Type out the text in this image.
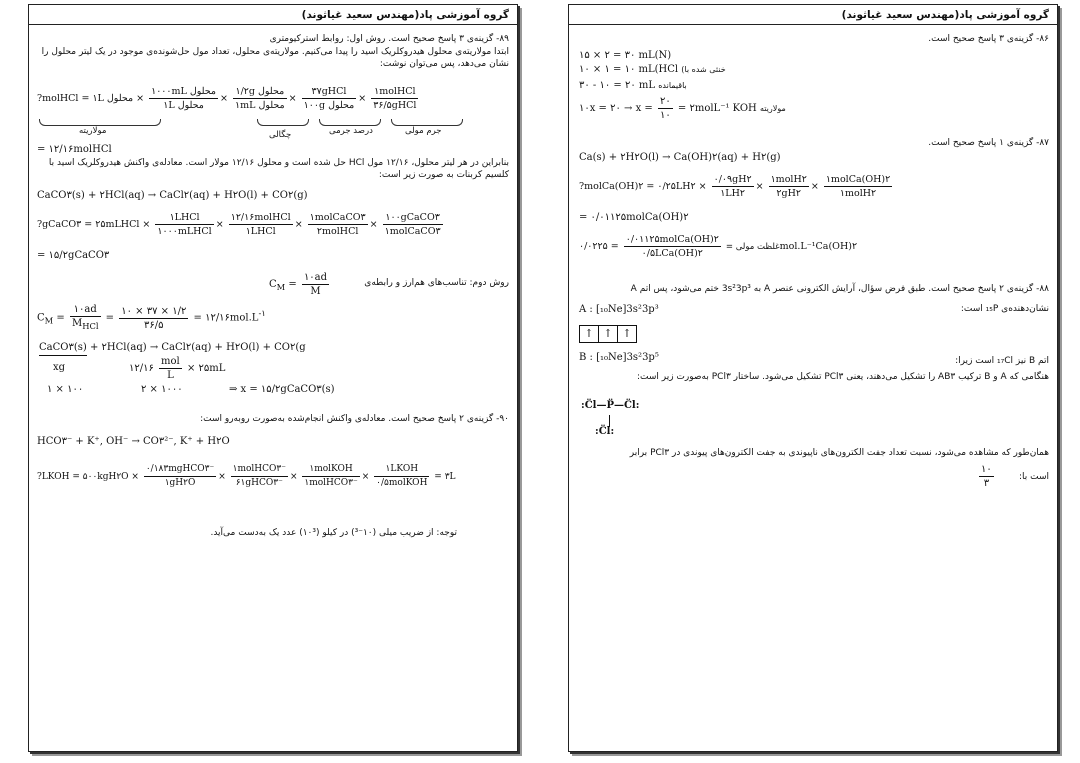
گروه آموزشی پاد(مهندس سعید غیاثوند)
۸۹- گزینه‌ی ۳ پاسخ صحیح است. روش اول: روابط استرکیومتری
ابتدا مولاریته‌ی محلول هیدروکلریک اسید را پیدا می‌کنیم. مولاریته‌ی محلول، تعداد مول حل‌شونده‌ی موجود در یک لیتر محلول را نشان می‌دهد، پس می‌توان نوشت:
?molHCl = ۱L محلول × $\frac{\text{۱۰۰۰mL محلول}}{\text{۱L محلول}} \times \frac{\text{۱/۲g محلول}}{\text{۱mL محلول}} \times \frac{\text{۳۷gHCl}}{\text{۱۰۰g محلول}} \times \frac{\text{۱molHCl}}{\text{۳۶/۵gHCl}}$
مولاریته	چگالی	درصد جرمی	جرم مولی
= ۱۲/۱۶molHCl
بنابراین در هر لیتر محلول، ۱۲/۱۶ مول HCl حل شده است و محلول ۱۲/۱۶ مولار است. معادله‌ی واکنش هیدروکلریک اسید با کلسیم کربنات به صورت زیر است:
CaCO۳(s) + ۲HCl(aq) → CaCl۲(aq) + H۲O(l) + CO۲(g)
?gCaCO۳ = ۲۵mLHCl × $\frac{\text{۱LHCl}}{\text{۱۰۰۰mLHCl}} \times \frac{\text{۱۲/۱۶molHCl}}{\text{۱LHCl}} \times \frac{\text{۱molCaCO۳}}{\text{۲molHCl}} \times \frac{\text{۱۰۰gCaCO۳}}{\text{۱molCaCO۳}}$
= ۱۵/۲gCaCO۳
روش دوم: تناسب‌های هم‌ارز و رابطه‌ی
$C_M = \frac{۱۰ad}{M}$
$C_M = \frac{۱۰ad}{M_{HCl}} = \frac{۱۰ \times ۳۷ \times ۱/۲}{۳۶/۵}$ = $۱۲/۱۶mol.L^{-۱}$
CaCO۳(s) + ۲HCl(aq) → CaCl۲(aq) + H۲O(l) + CO۲(g
xg	۱۲/۱۶ $\frac{\text{mol}}{L}$ × ۲۵mL
۱ × ۱۰۰	۲ × ۱۰۰۰	⇒ x = ۱۵/۲gCaCO۳(s)
۹۰- گزینه‌ی ۲ پاسخ صحیح است. معادله‌ی واکنش انجام‌شده به‌صورت روبه‌رو است:
HCO۳⁻ + K⁺, OH⁻ → CO۳²⁻, K⁺ + H۲O
?LKOH = ۵۰۰kgH۲O × $\frac{\text{۰/۱۸۳mgHCO۳⁻}}{۱gH۲O} \times \frac{\text{۱molHCO۳⁻}}{\text{۶۱gHCO۳⁻}} \times \frac{\text{۱molKOH}}{\text{۱molHCO۳⁻}} \times \frac{\text{۱LKOH}}{\text{۰/۵molKOH}}$ = ۳L
توجه: از ضریب میلی (۱۰⁻³) در کیلو (۱۰³) عدد یک به‌دست می‌آید.
گروه آموزشی پاد(مهندس سعید غیاثوند)
۸۶- گزینه‌ی ۳ پاسخ صحیح است.
۱۵ × ۲ = ۳۰ mL(N)
۱۰ × ۱ = ۱۰ mL(HCl (خنثی شده با
۳۰ - ۱۰ = ۲۰ mL باقیمانده
۱۰x = ۲۰ → $x = \frac{۲۰}{۱۰}$ = ۲molL⁻¹ KOH مولاریته
۸۷- گزینه‌ی ۱ پاسخ صحیح است.
Ca(s) + ۲H۲O(l) → Ca(OH)۲(aq) + H۲(g)
?molCa(OH)۲ = ۰/۲۵LH۲ × $\frac{۰/۰۹gH۲}{۱LH۲} \times \frac{\text{۱molH۲}}{۲gH۲} \times \frac{\text{۱molCa(OH)۲}}{\text{۱molH۲}}$
= ۰/۰۱۱۲۵molCa(OH)۲
غلظت مولی =
$\frac{\text{۰/۰۱۱۲۵molCa(OH)۲}}{\text{۰/۵LCa(OH)۲}}$
= ۰/۰۲۲۵mol.L⁻¹Ca(OH)۲
۸۸- گزینه‌ی ۲ پاسخ صحیح است. طبق فرض سؤال، آرایش الکترونی عنصر A به 3s²3p³ ختم می‌شود، پس اتم A
نشان‌دهنده‌ی ₁₅P است:
A : [₁₀Ne]3s²3p³
↑ ↑ ↑
B : [₁₀Ne]3s²3p⁵	اتم B نیز ₁₇Cl است زیرا:
هنگامی که A و B ترکیب AB۳ را تشکیل می‌دهند، یعنی PCl۳ تشکیل می‌شود. ساختار PCl۳ به‌صورت زیر است:
:C̈l—P̈—C̈l:
:C̈l:
همان‌طور که مشاهده می‌شود، نسبت تعداد جفت الکترون‌های ناپیوندی به جفت الکترون‌های پیوندی در PCl۳ برابر
است با:
$\frac{۱۰}{۳}$
